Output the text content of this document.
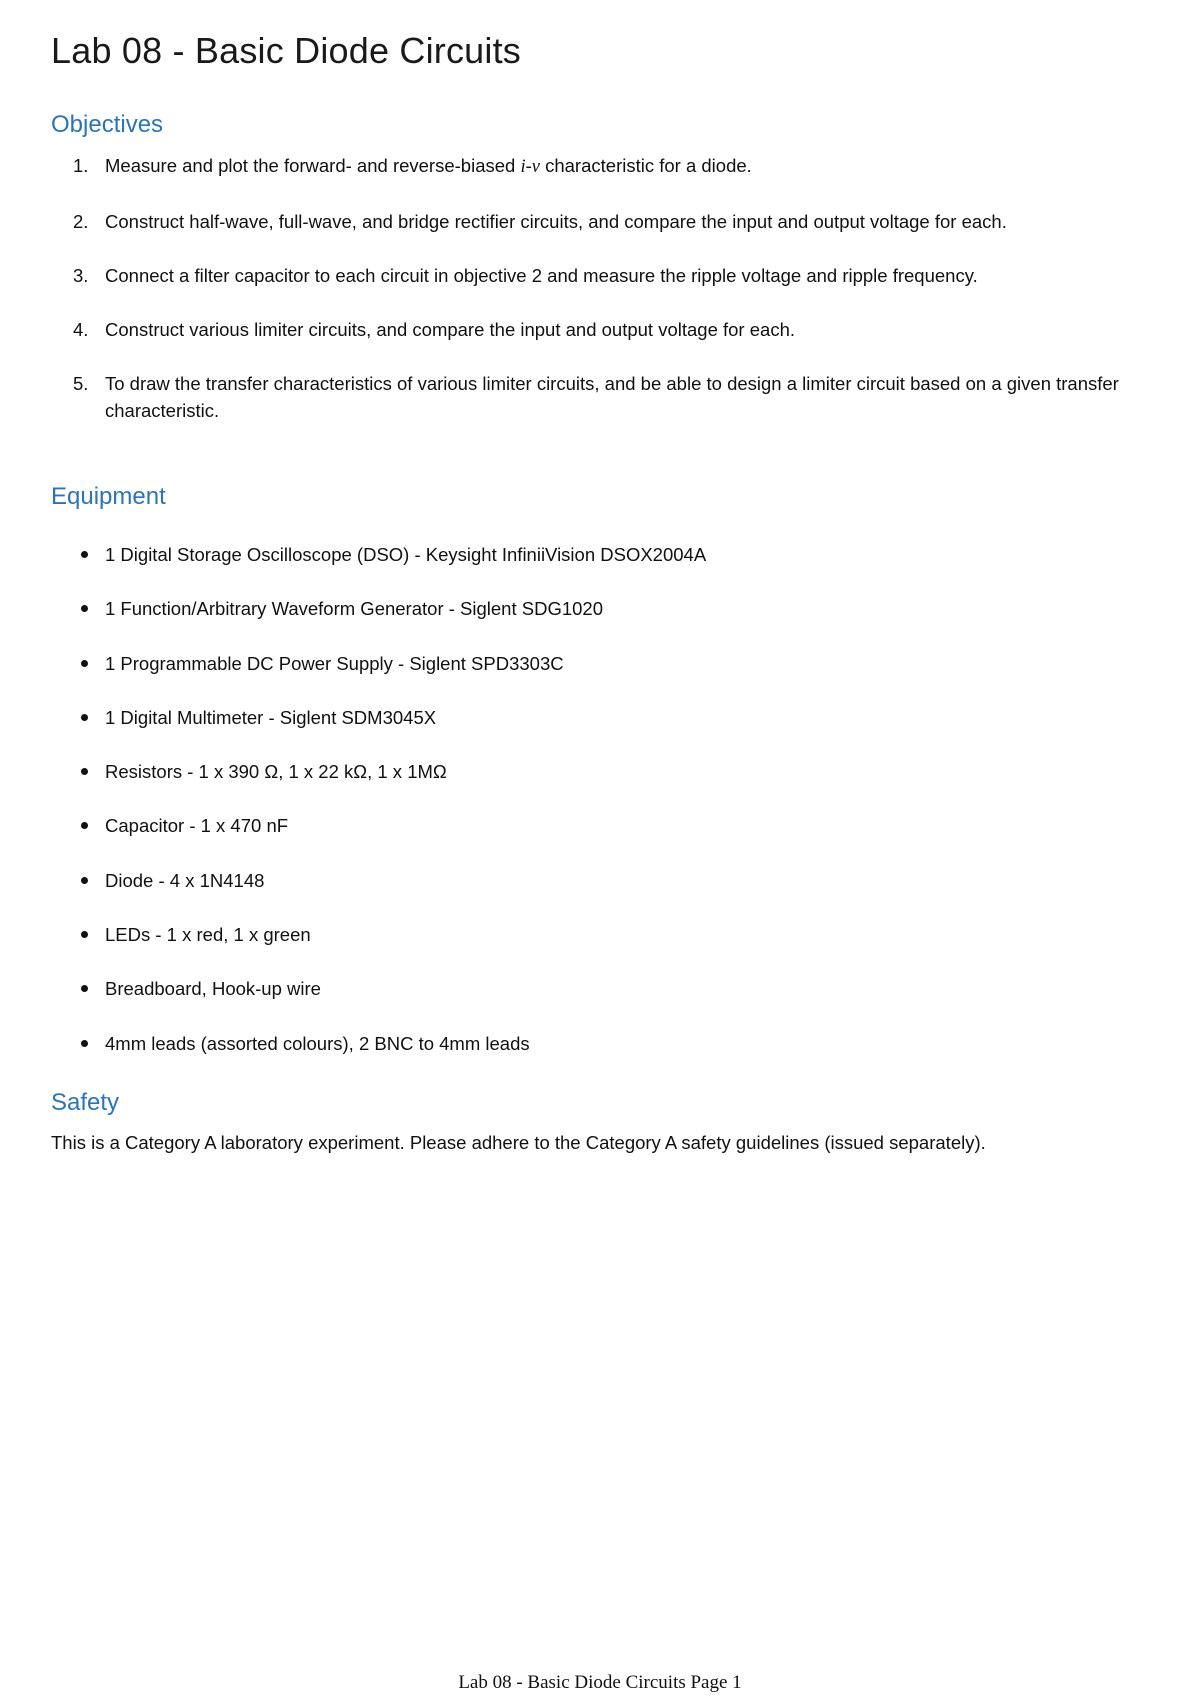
Lab 08 - Basic Diode Circuits
Objectives
1. Measure and plot the forward- and reverse-biased i-v characteristic for a diode.
2. Construct half-wave, full-wave, and bridge rectifier circuits, and compare the input and output voltage for each.
3. Connect a filter capacitor to each circuit in objective 2 and measure the ripple voltage and ripple frequency.
4. Construct various limiter circuits, and compare the input and output voltage for each.
5. To draw the transfer characteristics of various limiter circuits, and be able to design a limiter circuit based on a given transfer characteristic.
Equipment
1 Digital Storage Oscilloscope (DSO) - Keysight InfiniiVision DSOX2004A
1 Function/Arbitrary Waveform Generator - Siglent SDG1020
1 Programmable DC Power Supply - Siglent SPD3303C
1 Digital Multimeter - Siglent SDM3045X
Resistors - 1 x 390 Ω, 1 x 22 kΩ, 1 x 1MΩ
Capacitor - 1 x 470 nF
Diode - 4 x 1N4148
LEDs - 1 x red, 1 x green
Breadboard, Hook-up wire
4mm leads (assorted colours), 2 BNC to 4mm leads
Safety

This is a Category A laboratory experiment. Please adhere to the Category A safety guidelines (issued separately).

Lab 08 - Basic Diode Circuits Page 1
